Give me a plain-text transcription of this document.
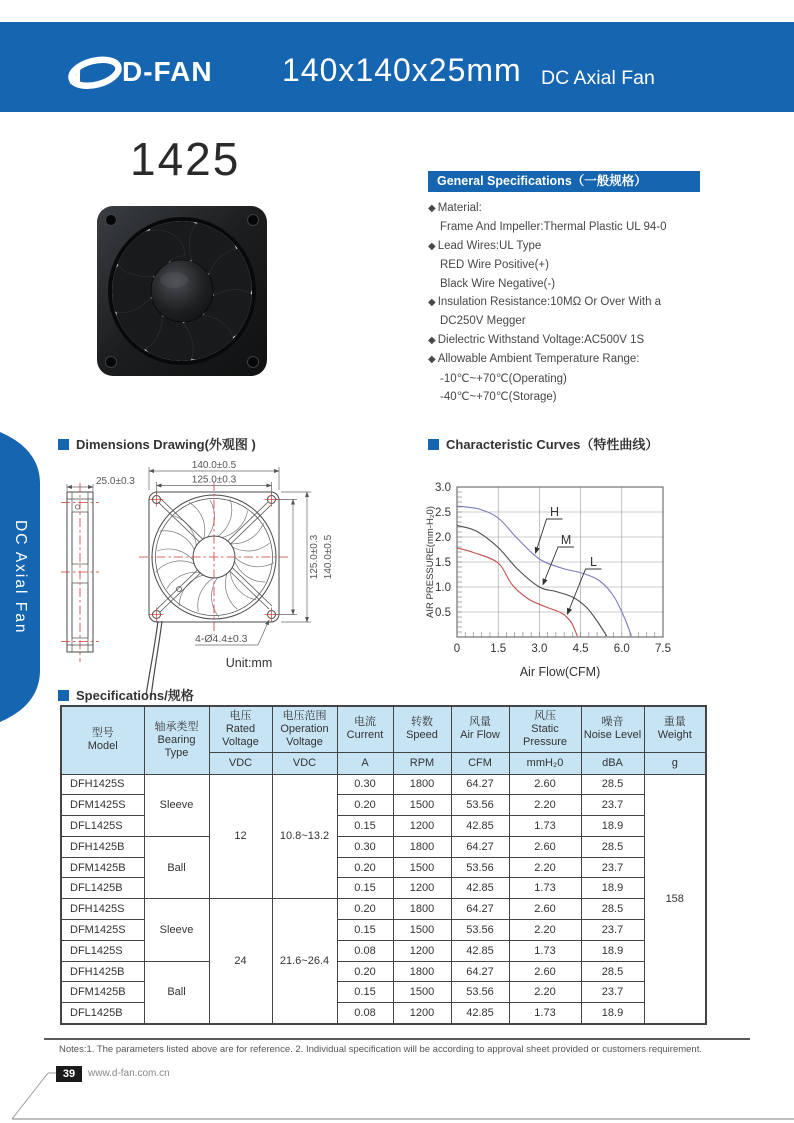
D-FAN 140x140x25mm DC Axial Fan
DC Axial Fan
1425	General Specifications（一般规格）
◆ Material:
Frame And Impeller:Thermal Plastic UL 94-0
◆ Lead Wires:UL Type
RED Wire Positive(+)
Black Wire Negative(-)
◆ Insulation Resistance:10MΩ Or Over With a
DC250V Megger
◆ Dielectric Withstand Voltage:AC500V 1S
◆ Allowable Ambient Temperature Range:
-10℃~+70℃(Operating)
-40℃~+70℃(Storage)
Dimensions Drawing(外观图 )	Characteristic Curves（特性曲线）
25.0±0.3
140.0±0.5
125.0±0.3
125.0±0.3 140.0±0.5
4-Ø4.4±0.3
Unit:mm
H
M
L
0.5
1.0
1.5
2.0
2.5
3.0
0	1.5 3.0 4.5 6.0 7.5
Air Flow(CFM)
AIR PRESSURE(mm-H₂0)
Specifications/规格
型号
Model	轴承类型
Bearing
Type	电压
Rated
Voltage	电压范围
Operation
Voltage	电流
Current	转数
Speed	风量
Air Flow	风压
Static
Pressure	噪音
Noise Level	重量
Weight
		VDC	VDC	A	RPM	CFM	mmH₂0	dBA	g
DFH1425S	Sleeve	12	10.8~13.2	0.30	1800	64.27	2.60	28.5	158
DFM1425S				0.20	1500	53.56	2.20	23.7	
DFL1425S				0.15	1200	42.85	1.73	18.9	
DFH1425B	Ball			0.30	1800	64.27	2.60	28.5	
DFM1425B				0.20	1500	53.56	2.20	23.7	
DFL1425B				0.15	1200	42.85	1.73	18.9	
DFH1425S	Sleeve	24	21.6~26.4	0.20	1800	64.27	2.60	28.5	
DFM1425S				0.15	1500	53.56	2.20	23.7	
DFL1425S				0.08	1200	42.85	1.73	18.9	
DFH1425B	Ball			0.20	1800	64.27	2.60	28.5	
DFM1425B				0.15	1500	53.56	2.20	23.7	
DFL1425B				0.08	1200	42.85	1.73	18.9	
Notes:1. The parameters listed above are for reference. 2. Individual specification will be according to approval sheet provided or customers requirement.
39	www.d-fan.com.cn
